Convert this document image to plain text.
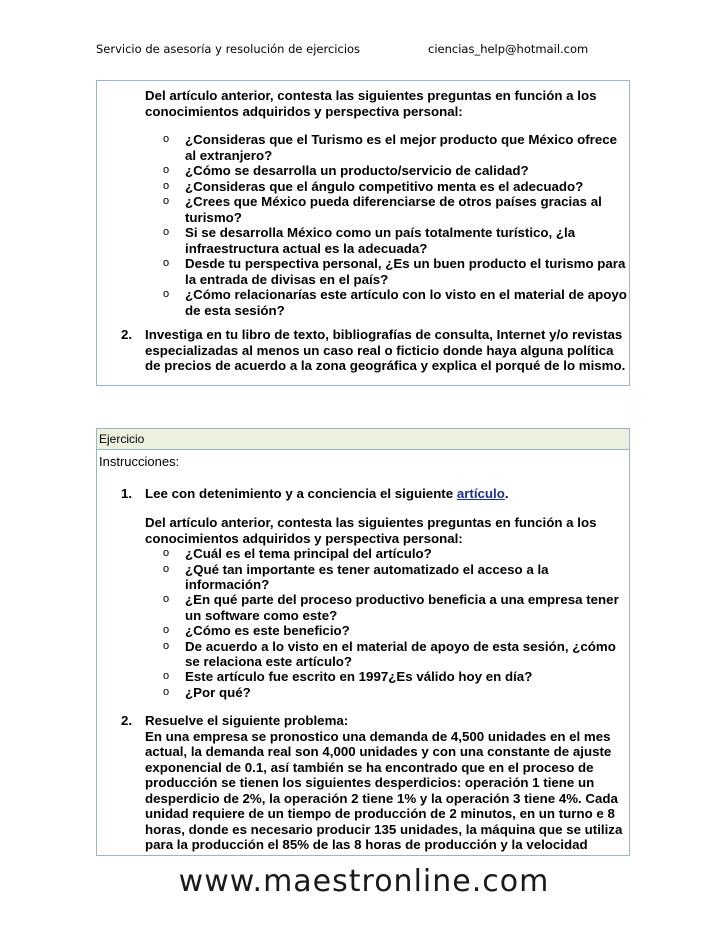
Servicio de asesoría y resolución de ejercicios	ciencias_help@hotmail.com
Del artículo anterior, contesta las siguientes preguntas en función a los conocimientos adquiridos y perspectiva personal:
o	¿Consideras que el Turismo es el mejor producto que México ofrece al extranjero?
o	¿Cómo se desarrolla un producto/servicio de calidad?
o	¿Consideras que el ángulo competitivo menta es el adecuado?
o	¿Crees que México pueda diferenciarse de otros países gracias al turismo?
o	Si se desarrolla México como un país totalmente turístico, ¿la infraestructura actual es la adecuada?
o	Desde tu perspectiva personal, ¿Es un buen producto el turismo para la entrada de divisas en el país?
o	¿Cómo relacionarías este artículo con lo visto en el material de apoyo de esta sesión?
2. Investiga en tu libro de texto, bibliografías de consulta, Internet y/o revistas especializadas al menos un caso real o ficticio donde haya alguna política de precios de acuerdo a la zona geográfica y explica el porqué de lo mismo.
Ejercicio
Instrucciones:
1. Lee con detenimiento y a conciencia el siguiente artículo.
Del artículo anterior, contesta las siguientes preguntas en función a los conocimientos adquiridos y perspectiva personal:
o	¿Cuál es el tema principal del artículo?
o	¿Qué tan importante es tener automatizado el acceso a la información?
o	¿En qué parte del proceso productivo beneficia a una empresa tener un software como este?
o	¿Cómo es este beneficio?
o	De acuerdo a lo visto en el material de apoyo de esta sesión, ¿cómo se relaciona este artículo?
o	Este artículo fue escrito en 1997¿Es válido hoy en día?
o	¿Por qué?
2. Resuelve el siguiente problema:
En una empresa se pronostico una demanda de 4,500 unidades en el mes actual, la demanda real son 4,000 unidades y con una constante de ajuste exponencial de 0.1, así también se ha encontrado que en el proceso de producción se tienen los siguientes desperdicios: operación 1 tiene un desperdicio de 2%, la operación 2 tiene 1% y la operación 3 tiene 4%. Cada unidad requiere de un tiempo de producción de 2 minutos, en un turno e 8 horas, donde es necesario producir 135 unidades, la máquina que se utiliza para la producción el 85% de las 8 horas de producción y la velocidad
www.maestronline.com
